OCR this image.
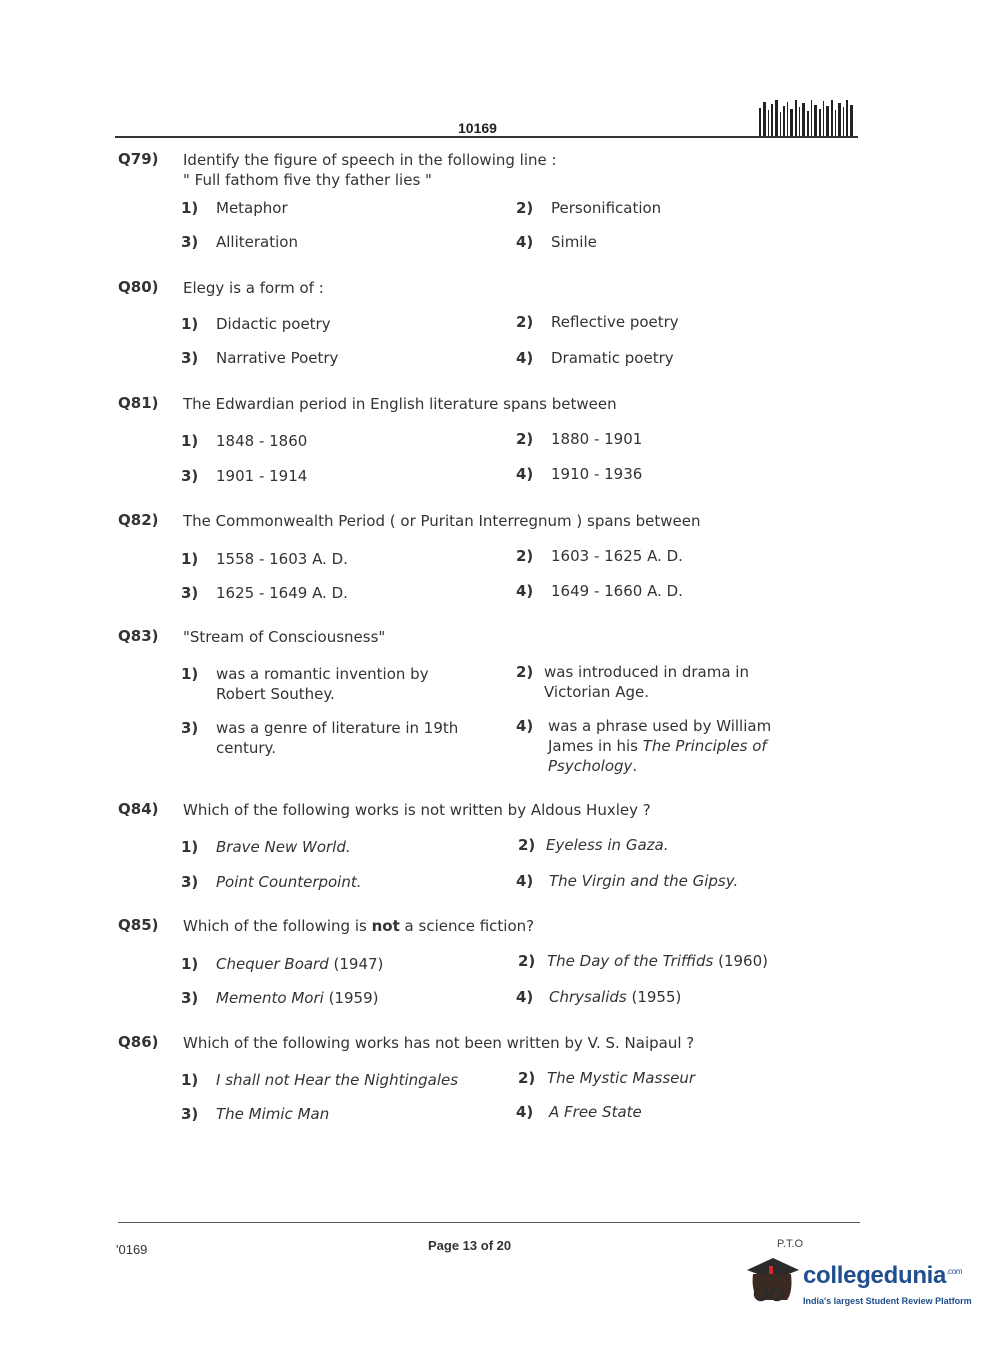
10169
Q79) Identify the figure of speech in the following line :
" Full fathom five thy father lies "
1) Metaphor	2) Personification
3) Alliteration	4) Simile
Q80) Elegy is a form of :
1) Didactic poetry	2) Reflective poetry
3) Narrative Poetry	4) Dramatic poetry
Q81) The Edwardian period in English literature spans between
1) 1848 - 1860	2) 1880 - 1901
3) 1901 - 1914	4) 1910 - 1936
Q82) The Commonwealth Period ( or Puritan Interregnum ) spans between
1) 1558 - 1603 A. D.	2) 1603 - 1625 A. D.
3) 1625 - 1649 A. D.	4) 1649 - 1660 A. D.
Q83) "Stream of Consciousness"
1) was a romantic invention by Robert Southey.
2) was introduced in drama in Victorian Age.
3) was a genre of literature in 19th century.
4) was a phrase used by William James in his The Principles of Psychology.
Q84) Which of the following works is not written by Aldous Huxley ?
1) Brave New World.	2) Eyeless in Gaza.
3) Point Counterpoint.	4) The Virgin and the Gipsy.
Q85) Which of the following is not a science fiction?
1) Chequer Board (1947)	2) The Day of the Triffids (1960)
3) Memento Mori (1959)	4) Chrysalids (1955)
Q86) Which of the following works has not been written by V. S. Naipaul ?
1) I shall not Hear the Nightingales	2) The Mystic Masseur
3) The Mimic Man	4) A Free State
'0169	Page 13 of 20	P.T.O
collegedunia$^{.com}$
India's largest Student Review Platform
